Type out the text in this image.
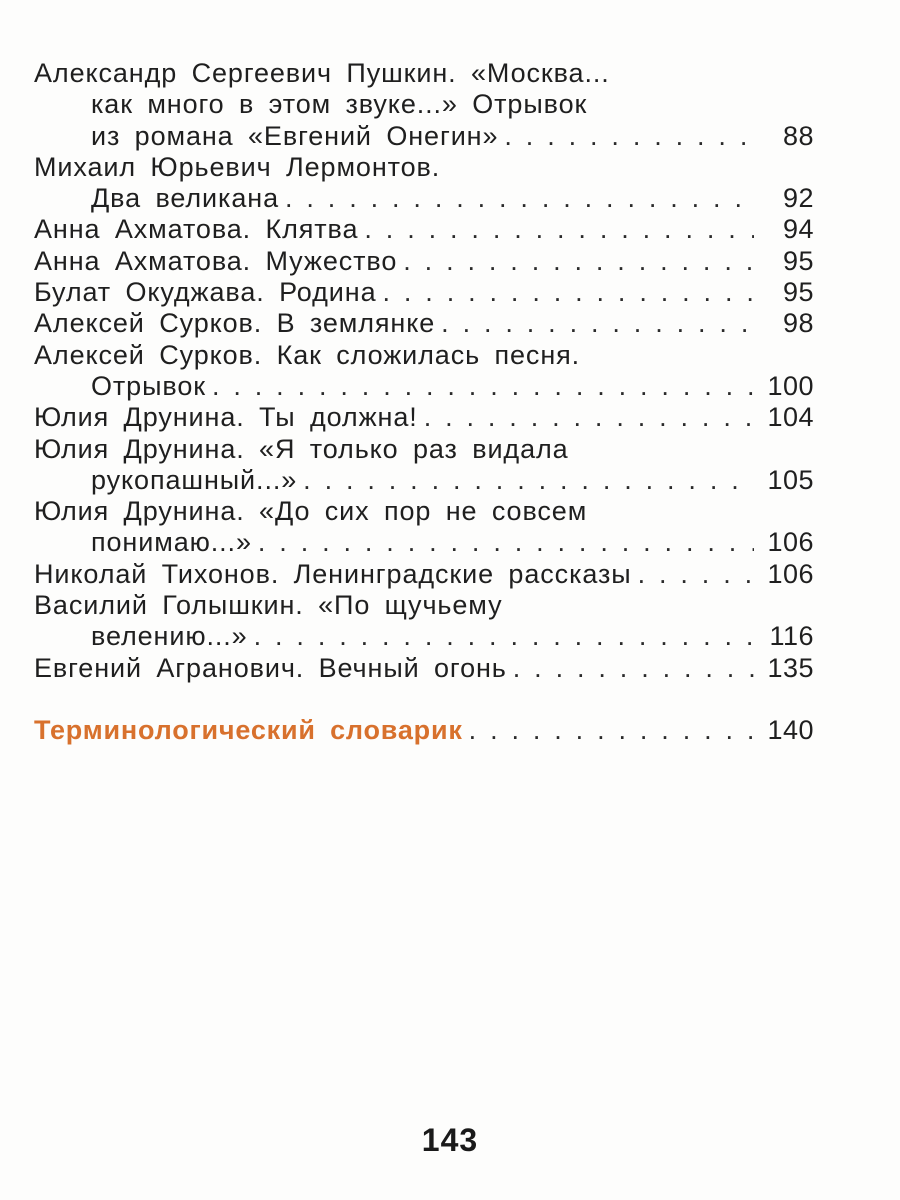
Александр Сергеевич Пушкин. «Москва...
как много в этом звуке...» Отрывок
из романа «Евгений Онегин» . . .	88
Михаил Юрьевич Лермонтов.
Два великана . . .	92
Анна Ахматова. Клятва . . .	94
Анна Ахматова. Мужество . . .	95
Булат Окуджава. Родина . . .	95
Алексей Сурков. В землянке . . .	98
Алексей Сурков. Как сложилась песня.
Отрывок . . .	100
Юлия Друнина. Ты должна! . . .	104
Юлия Друнина. «Я только раз видала
рукопашный...» . . .	105
Юлия Друнина. «До сих пор не совсем
понимаю...» . . .	106
Николай Тихонов. Ленинградские рассказы . . .	106
Василий Голышкин. «По щучьему
велению...» . . .	116
Евгений Агранович. Вечный огонь . . .	135
Терминологический словарик . . .	140
143
